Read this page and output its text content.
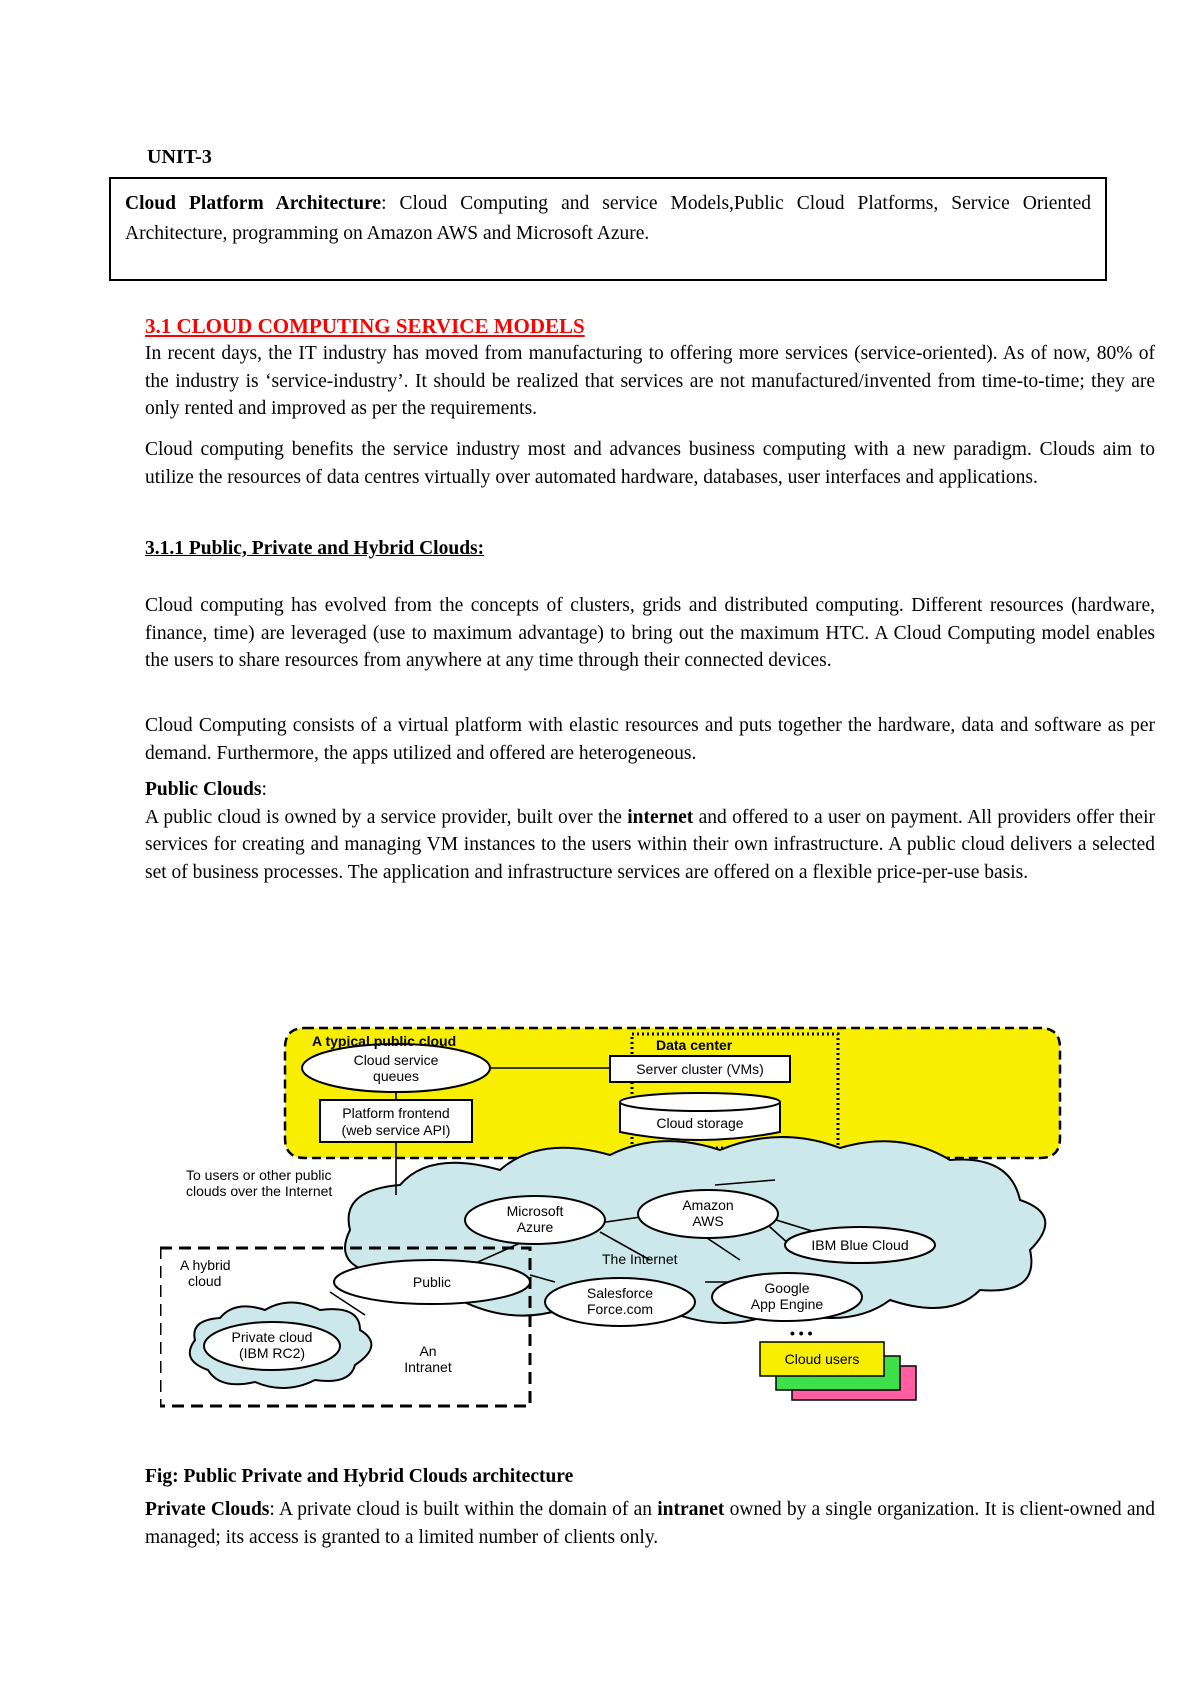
UNIT-3
Cloud Platform Architecture: Cloud Computing and service Models,Public Cloud Platforms, Service Oriented Architecture, programming on Amazon AWS and Microsoft Azure.
3.1 CLOUD COMPUTING SERVICE MODELS

In recent days, the IT industry has moved from manufacturing to offering more services (service-oriented). As of now, 80% of the industry is ‘service-industry’. It should be realized that services are not manufactured/invented from time-to-time; they are only rented and improved as per the requirements.

Cloud computing benefits the service industry most and advances business computing with a new paradigm. Clouds aim to utilize the resources of data centres virtually over automated hardware, databases, user interfaces and applications.

3.1.1 Public, Private and Hybrid Clouds:

Cloud computing has evolved from the concepts of clusters, grids and distributed computing. Different resources (hardware, finance, time) are leveraged (use to maximum advantage) to bring out the maximum HTC. A Cloud Computing model enables the users to share resources from anywhere at any time through their connected devices.

Cloud Computing consists of a virtual platform with elastic resources and puts together the hardware, data and software as per demand. Furthermore, the apps utilized and offered are heterogeneous.

Public Clouds:
A public cloud is owned by a service provider, built over the internet and offered to a user on payment. All providers offer their services for creating and managing VM instances to the users within their own infrastructure. A public cloud delivers a selected set of business processes. The application and infrastructure services are offered on a flexible price-per-use basis.

Cloud service
queues
Platform frontend
(web service API)
A typical public cloud	Data center
Server cluster (VMs)
Cloud storage
To users or other public
clouds over the Internet
Microsoft
Azure
Amazon
AWS
IBM Blue Cloud
The Internet
Public
Salesforce
Force.com
Google
App Engine
A hybrid
cloud
Private cloud
(IBM RC2)	An
Intranet
• • •
Cloud users
Fig: Public Private and Hybrid Clouds architecture

Private Clouds: A private cloud is built within the domain of an intranet owned by a single organization. It is client-owned and managed; its access is granted to a limited number of clients only.
